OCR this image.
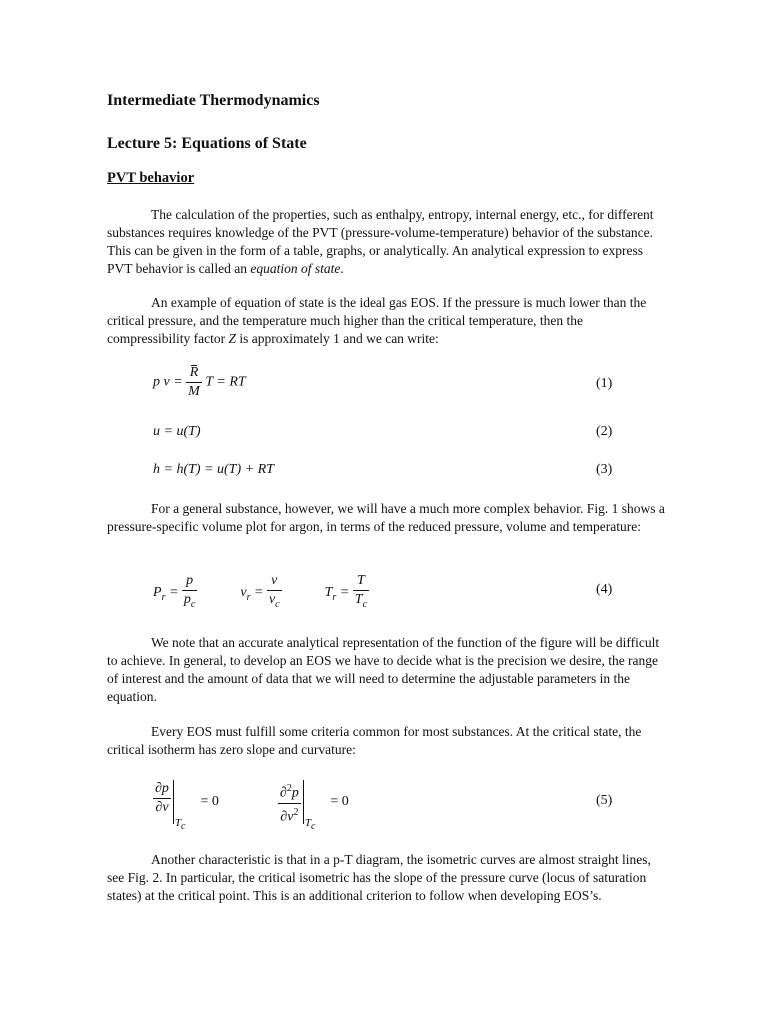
Intermediate Thermodynamics
Lecture 5: Equations of State
PVT behavior
The calculation of the properties, such as enthalpy, entropy, internal energy, etc., for different substances requires knowledge of the PVT (pressure-volume-temperature) behavior of the substance. This can be given in the form of a table, graphs, or analytically. An analytical expression to express PVT behavior is called an equation of state.
An example of equation of state is the ideal gas EOS. If the pressure is much lower than the critical pressure, and the temperature much higher than the critical temperature, then the compressibility factor Z is approximately 1 and we can write:
p $v = \frac{R}{M}$ T = RT	(1)
u = u(T)	(2)
h = h(T) = u(T) + RT	(3)
For a general substance, however, we will have a much more complex behavior. Fig. 1 shows a pressure-specific volume plot for argon, in terms of the reduced pressure, volume and temperature:
$P_r = \frac{p}{p_c}$	$v_r = \frac{v}{v_c}$	$T_r = \frac{T}{T_c}$	(4)
We note that an accurate analytical representation of the function of the figure will be difficult to achieve. In general, to develop an EOS we have to decide what is the precision we desire, the range of interest and the amount of data that we will need to determine the adjustable parameters in the equation.
Every EOS must fulfill some criteria common for most substances. At the critical state, the critical isotherm has zero slope and curvature:
$\frac{\partial p}{\partial v}$
$T_c = 0$	$\frac{\partial^2p}{\partial v^2} T_c = 0$	(5)
Another characteristic is that in a p-T diagram, the isometric curves are almost straight lines, see Fig. 2. In particular, the critical isometric has the slope of the pressure curve (locus of saturation states) at the critical point. This is an additional criterion to follow when developing EOS’s.
